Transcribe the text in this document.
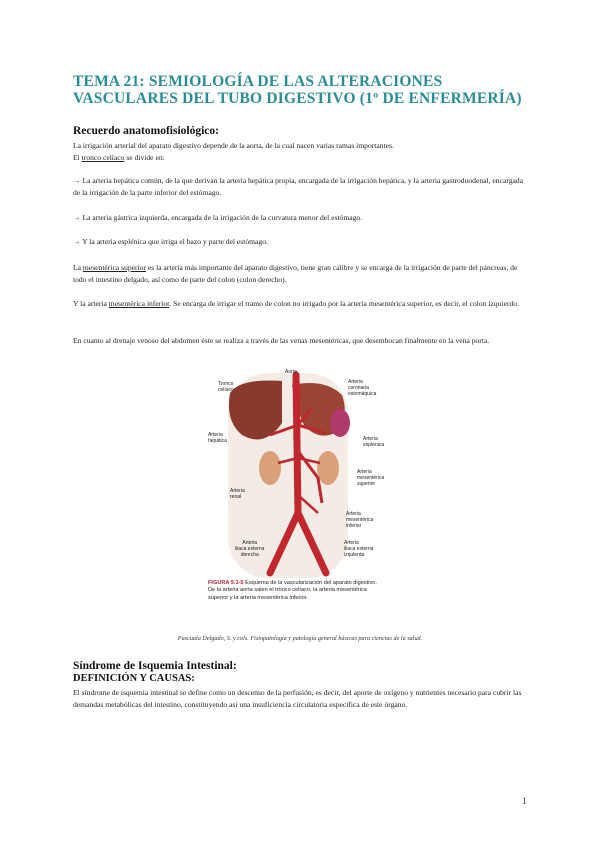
TEMA 21: SEMIOLOGÍA DE LAS ALTERACIONES VASCULARES DEL TUBO DIGESTIVO (1º DE ENFERMERÍA)
Recuerdo anatomofisiológico:

La irrigación arterial del aparato digestivo depende de la aorta, de la cual nacen varias ramas importantes.

El tronco celíaco se divide en:

→ La arteria hepática común, de la que derivan la arteria hepática propia, encargada de la irrigación hepática, y la arteria gastroduodenal, encargada de la irrigación de la parte inferior del estómago.

→ La arteria gástrica izquierda, encargada de la irrigación de la curvatura menor del estómago.

→ Y la arteria esplénica que irriga el bazo y parte del estómago.

La mesentérica superior es la arteria más importante del aparato digestivo, tiene gran calibre y se encarga de la irrigación de parte del páncreas, de todo el intestino delgado, así como de parte del colon (colon derecho).

Y la arteria mesentérica inferior. Se encarga de irrigar el tramo de colon no irrigado por la arteria mesentérica superior, es decir, el colon izquierdo.

En cuanto al drenaje venoso del abdomen éste se realiza a través de las venas mesentéricas, que desembocan finalmente en la vena porta.

Aorta
Tronco
celíaco
Arteria
coronaria
estomáquica
Arteria
hepática	Arteria
esplénica
Arteria
mesentérica
superior
Arteria
renal
Arteria
mesentérica
inferior
Arteria
iliaca externa
derecha
Arteria
iliaca externa
izquierda
FIGURA 9.1-5 Esquema de la vascularización del aparato digestivo. De la arteria aorta salen el tronco celíaco, la arteria mesentérica superior y la arteria mesentérica inferior.
Pascuala Delgado, S. y cols. Fisiopatología y patología general básicas para ciencias de la salud.
Síndrome de Isquemia Intestinal:
DEFINICIÓN Y CAUSAS:

El síndrome de isquemia intestinal se define como un descenso de la perfusión, es decir, del aporte de oxígeno y nutrientes necesario para cubrir las demandas metabólicas del intestino, constituyendo así una insuficiencia circulatoria específica de este órgano.

1
